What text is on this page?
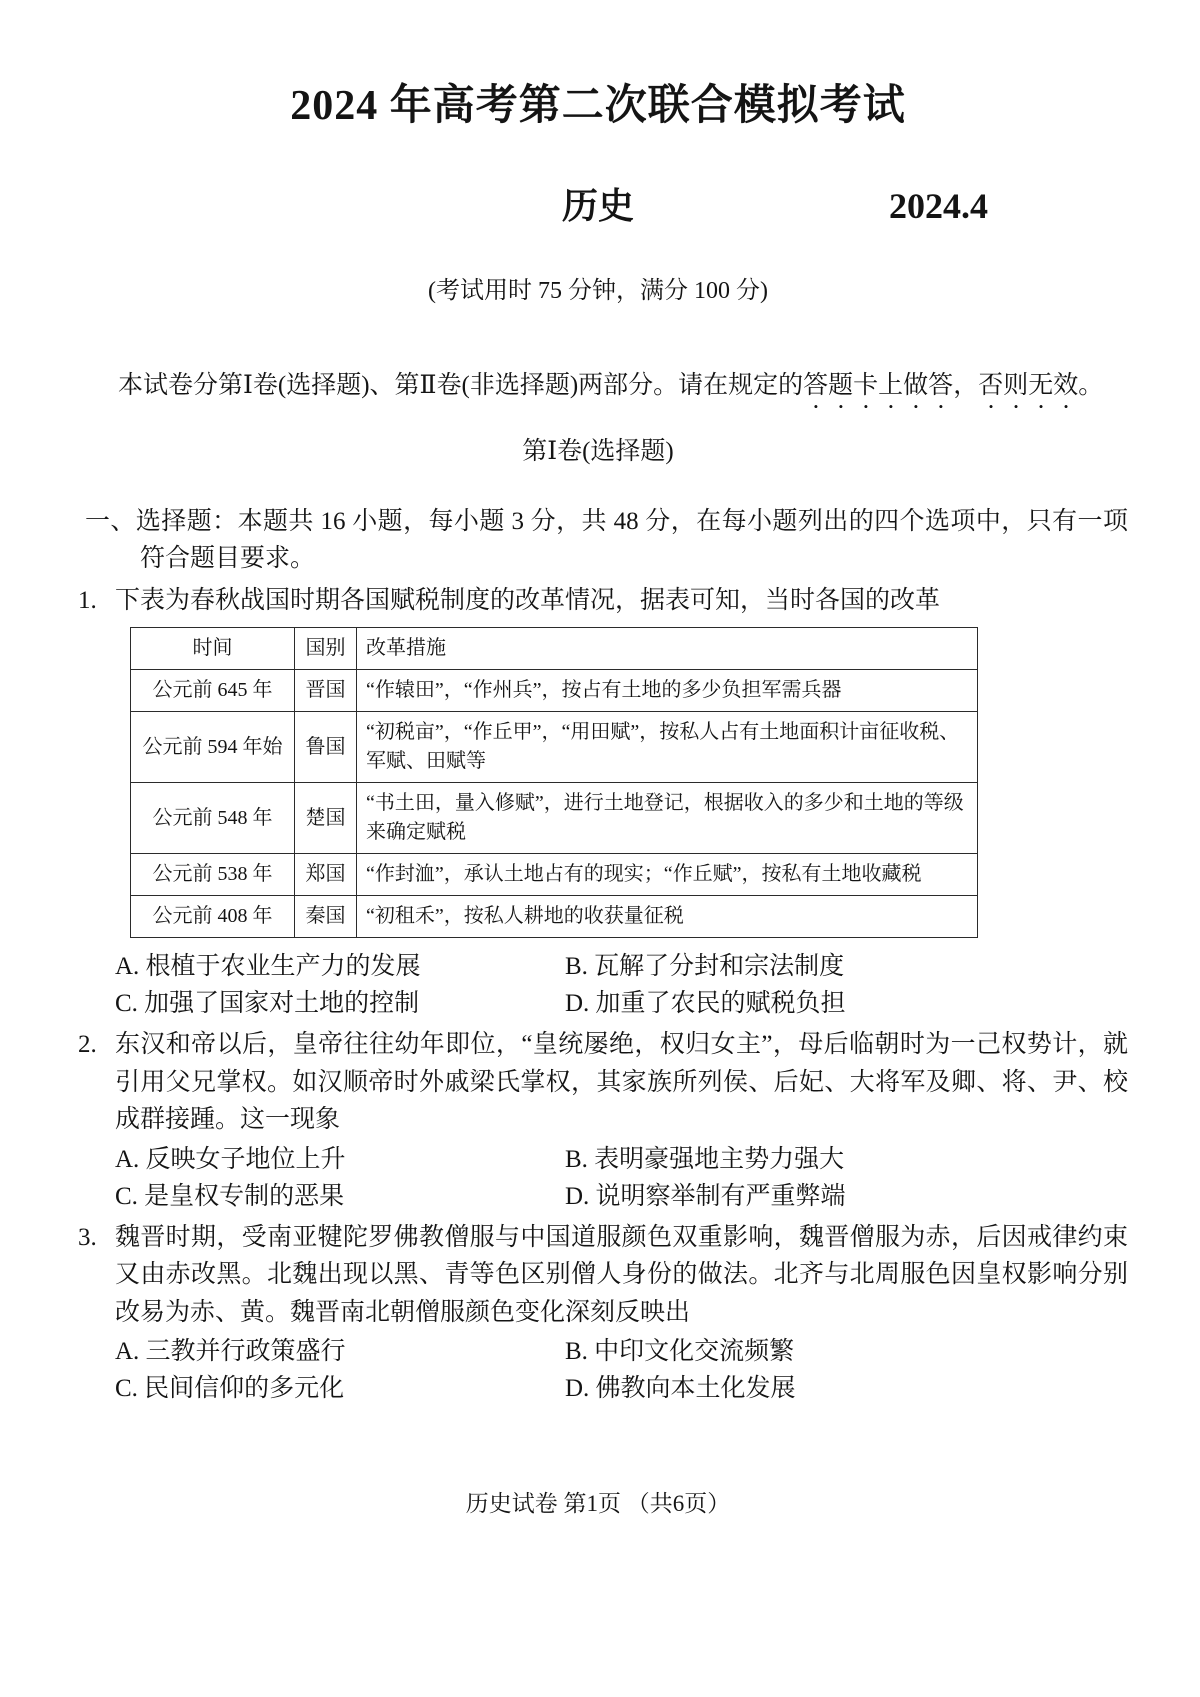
2024 年高考第二次联合模拟考试
历史	2024.4
(考试用时 75 分钟，满分 100 分)

本试卷分第Ⅰ卷(选择题)、第Ⅱ卷(非选择题)两部分。请在规定的答题卡上做答，否则无效。

第Ⅰ卷(选择题)

一、选择题：本题共 16 小题，每小题 3 分，共 48 分，在每小题列出的四个选项中，只有一项符合题目要求。

1. 下表为春秋战国时期各国赋税制度的改革情况，据表可知，当时各国的改革
时间	国别	改革措施
公元前 645 年	晋国	“作辕田”，“作州兵”，按占有土地的多少负担军需兵器
公元前 594 年始	鲁国	“初税亩”，“作丘甲”，“用田赋”，按私人占有土地面积计亩征收税、军赋、田赋等
公元前 548 年	楚国	“书土田，量入修赋”，进行土地登记，根据收入的多少和土地的等级来确定赋税
公元前 538 年	郑国	“作封洫”，承认土地占有的现实；“作丘赋”，按私有土地收藏税
公元前 408 年	秦国	“初租禾”，按私人耕地的收获量征税
A. 根植于农业生产力的发展	B. 瓦解了分封和宗法制度
C. 加强了国家对土地的控制	D. 加重了农民的赋税负担
2. 东汉和帝以后，皇帝往往幼年即位，“皇统屡绝，权归女主”，母后临朝时为一己权势计，就引用父兄掌权。如汉顺帝时外戚梁氏掌权，其家族所列侯、后妃、大将军及卿、将、尹、校成群接踵。这一现象
A. 反映女子地位上升	B. 表明豪强地主势力强大
C. 是皇权专制的恶果	D. 说明察举制有严重弊端
3. 魏晋时期，受南亚犍陀罗佛教僧服与中国道服颜色双重影响，魏晋僧服为赤，后因戒律约束又由赤改黑。北魏出现以黑、青等色区别僧人身份的做法。北齐与北周服色因皇权影响分别改易为赤、黄。魏晋南北朝僧服颜色变化深刻反映出
A. 三教并行政策盛行	B. 中印文化交流频繁
C. 民间信仰的多元化	D. 佛教向本土化发展
历史试卷 第1页 （共6页）
